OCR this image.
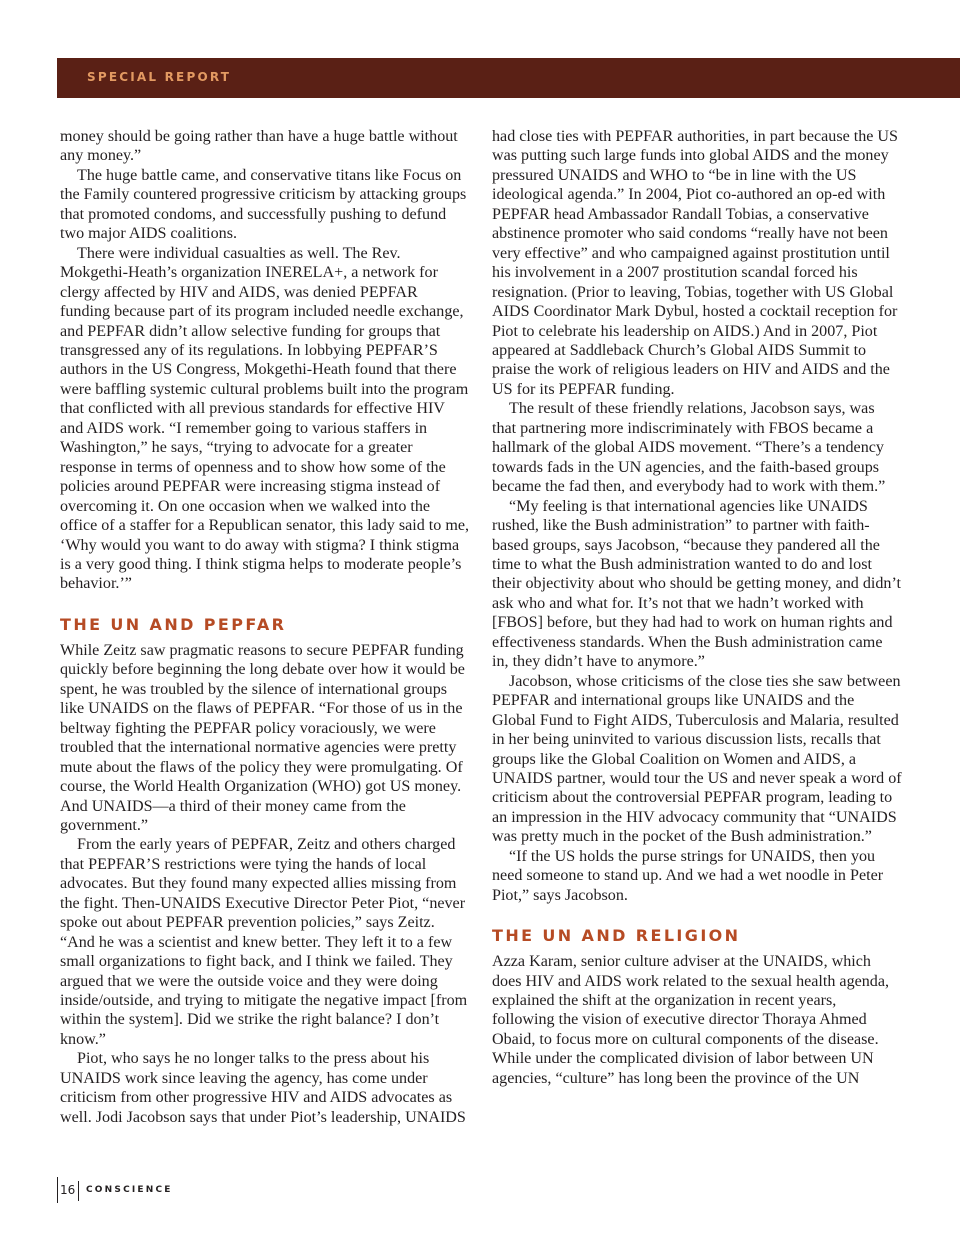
SPECIAL REPORT

money should be going rather than have a huge battle without any money.”

The huge battle came, and conservative titans like Focus on the Family countered progressive criticism by attacking groups that promoted condoms, and successfully pushing to defund two major AIDS coalitions.

There were individual casualties as well. The Rev. Mokgethi-Heath’s organization INERELA+, a network for clergy affected by HIV and AIDS, was denied PEPFAR funding because part of its program included needle exchange, and PEPFAR didn’t allow selective funding for groups that transgressed any of its regulations. In lobbying PEPFAR’S authors in the US Congress, Mokgethi-Heath found that there were baffling systemic cultural problems built into the program that conflicted with all previous standards for effective HIV and AIDS work. “I remember going to various staffers in Washington,” he says, “trying to advocate for a greater response in terms of openness and to show how some of the policies around PEPFAR were increasing stigma instead of overcoming it. On one occasion when we walked into the office of a staffer for a Republican senator, this lady said to me, ‘Why would you want to do away with stigma? I think stigma is a very good thing. I think stigma helps to moderate people’s behavior.’”

THE UN AND PEPFAR

While Zeitz saw pragmatic reasons to secure PEPFAR funding quickly before beginning the long debate over how it would be spent, he was troubled by the silence of international groups like UNAIDS on the flaws of PEPFAR. “For those of us in the beltway fighting the PEPFAR policy voraciously, we were troubled that the international normative agencies were pretty mute about the flaws of the policy they were promulgating. Of course, the World Health Organization (WHO) got US money. And UNAIDS—a third of their money came from the government.”

From the early years of PEPFAR, Zeitz and others charged that PEPFAR’S restrictions were tying the hands of local advocates. But they found many expected allies missing from the fight. Then-UNAIDS Executive Director Peter Piot, “never spoke out about PEPFAR prevention policies,” says Zeitz. “And he was a scientist and knew better. They left it to a few small organizations to fight back, and I think we failed. They argued that we were the outside voice and they were doing inside/outside, and trying to mitigate the negative impact [from within the system]. Did we strike the right balance? I don’t know.”

Piot, who says he no longer talks to the press about his UNAIDS work since leaving the agency, has come under criticism from other progressive HIV and AIDS advocates as well. Jodi Jacobson says that under Piot’s leadership, UNAIDS

had close ties with PEPFAR authorities, in part because the US was putting such large funds into global AIDS and the money pressured UNAIDS and WHO to “be in line with the US ideological agenda.” In 2004, Piot co-authored an op-ed with PEPFAR head Ambassador Randall Tobias, a conservative abstinence promoter who said condoms “really have not been very effective” and who campaigned against prostitution until his involvement in a 2007 prostitution scandal forced his resignation. (Prior to leaving, Tobias, together with US Global AIDS Coordinator Mark Dybul, hosted a cocktail reception for Piot to celebrate his leadership on AIDS.) And in 2007, Piot appeared at Saddleback Church’s Global AIDS Summit to praise the work of religious leaders on HIV and AIDS and the US for its PEPFAR funding.

The result of these friendly relations, Jacobson says, was that partnering more indiscriminately with FBOS became a hallmark of the global AIDS movement. “There’s a tendency towards fads in the UN agencies, and the faith-based groups became the fad then, and everybody had to work with them.”

“My feeling is that international agencies like UNAIDS rushed, like the Bush administration” to partner with faith-based groups, says Jacobson, “because they pandered all the time to what the Bush administration wanted to do and lost their objectivity about who should be getting money, and didn’t ask who and what for. It’s not that we hadn’t worked with [FBOS] before, but they had had to work on human rights and effectiveness standards. When the Bush administration came in, they didn’t have to anymore.”

Jacobson, whose criticisms of the close ties she saw between PEPFAR and international groups like UNAIDS and the Global Fund to Fight AIDS, Tuberculosis and Malaria, resulted in her being uninvited to various discussion lists, recalls that groups like the Global Coalition on Women and AIDS, a UNAIDS partner, would tour the US and never speak a word of criticism about the controversial PEPFAR program, leading to an impression in the HIV advocacy community that “UNAIDS was pretty much in the pocket of the Bush administration.”

“If the US holds the purse strings for UNAIDS, then you need someone to stand up. And we had a wet noodle in Peter Piot,” says Jacobson.

THE UN AND RELIGION

Azza Karam, senior culture adviser at the UNAIDS, which does HIV and AIDS work related to the sexual health agenda, explained the shift at the organization in recent years, following the vision of executive director Thoraya Ahmed Obaid, to focus more on cultural components of the disease. While under the complicated division of labor between UN agencies, “culture” has long been the province of the UN

16 CONSCIENCE
